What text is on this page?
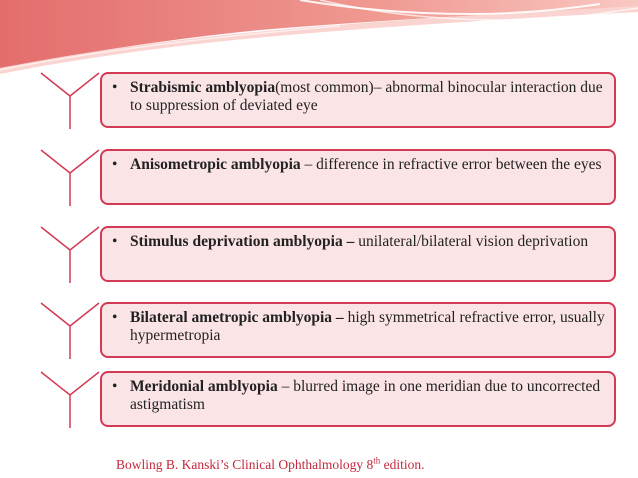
• Strabismic amblyopia(most common)– abnormal binocular interaction due to suppression of deviated eye
• Anisometropic amblyopia – difference in refractive error between the eyes
• Stimulus deprivation amblyopia – unilateral/bilateral vision deprivation
• Bilateral ametropic amblyopia – high symmetrical refractive error, usually hypermetropia
• Meridonial amblyopia – blurred image in one meridian due to uncorrected astigmatism
Bowling B. Kanski’s Clinical Ophthalmology 8th edition.
